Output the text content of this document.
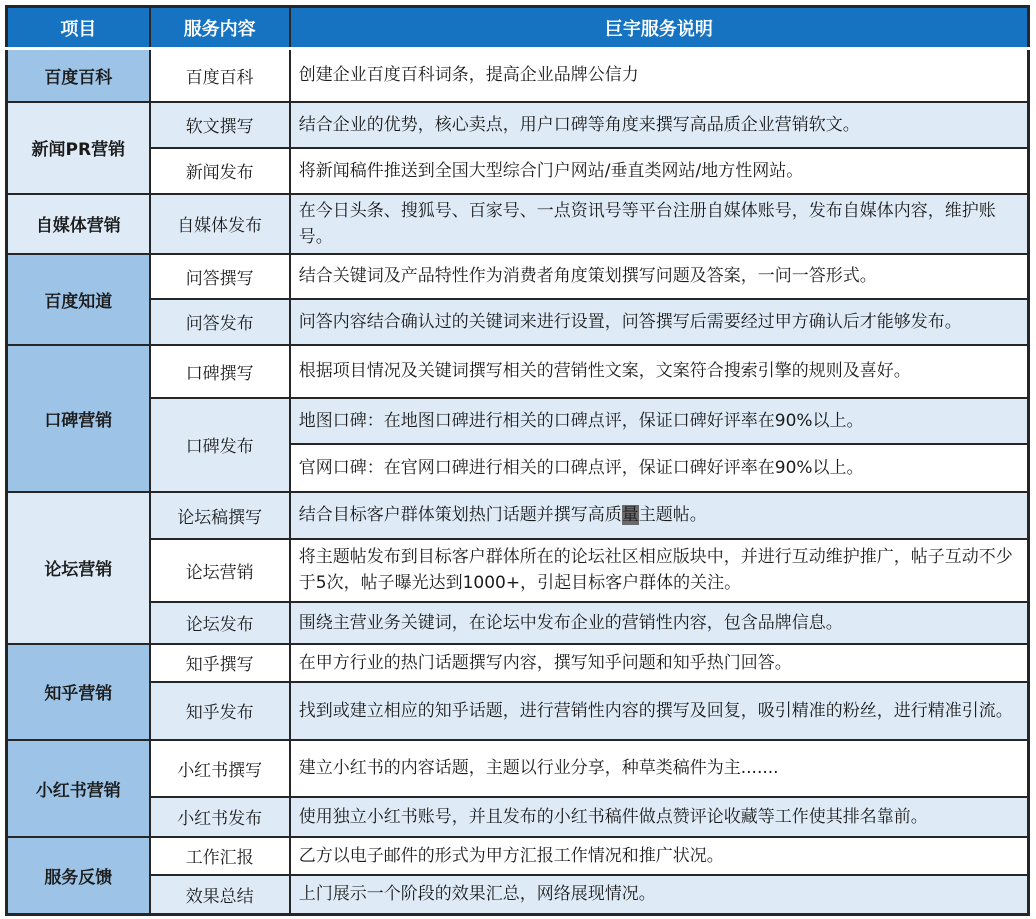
项目	服务内容	巨宇服务说明
百度百科	百度百科	创建企业百度百科词条，提高企业品牌公信力
新闻PR营销	软文撰写	结合企业的优势，核心卖点，用户口碑等角度来撰写高品质企业营销软文。
	新闻发布	将新闻稿件推送到全国大型综合门户网站/垂直类网站/地方性网站。
自媒体营销	自媒体发布	在今日头条、搜狐号、百家号、一点资讯号等平台注册自媒体账号，发布自媒体内容，维护账号。
百度知道	问答撰写	结合关键词及产品特性作为消费者角度策划撰写问题及答案，一问一答形式。
	问答发布	问答内容结合确认过的关键词来进行设置，问答撰写后需要经过甲方确认后才能够发布。
口碑营销	口碑撰写	根据项目情况及关键词撰写相关的营销性文案，文案符合搜索引擎的规则及喜好。
	口碑发布	地图口碑：在地图口碑进行相关的口碑点评，保证口碑好评率在90%以上。
		官网口碑：在官网口碑进行相关的口碑点评，保证口碑好评率在90%以上。
论坛营销	论坛稿撰写	结合目标客户群体策划热门话题并撰写高质量主题帖。
	论坛营销	将主题帖发布到目标客户群体所在的论坛社区相应版块中，并进行互动维护推广，帖子互动不少于5次，帖子曝光达到1000+，引起目标客户群体的关注。
	论坛发布	围绕主营业务关键词，在论坛中发布企业的营销性内容，包含品牌信息。
知乎营销	知乎撰写	在甲方行业的热门话题撰写内容，撰写知乎问题和知乎热门回答。
	知乎发布	找到或建立相应的知乎话题，进行营销性内容的撰写及回复，吸引精准的粉丝，进行精准引流。
小红书营销	小红书撰写	建立小红书的内容话题，主题以行业分享，种草类稿件为主.......
	小红书发布	使用独立小红书账号，并且发布的小红书稿件做点赞评论收藏等工作使其排名靠前。
服务反馈	工作汇报	乙方以电子邮件的形式为甲方汇报工作情况和推广状况。
	效果总结	上门展示一个阶段的效果汇总，网络展现情况。
